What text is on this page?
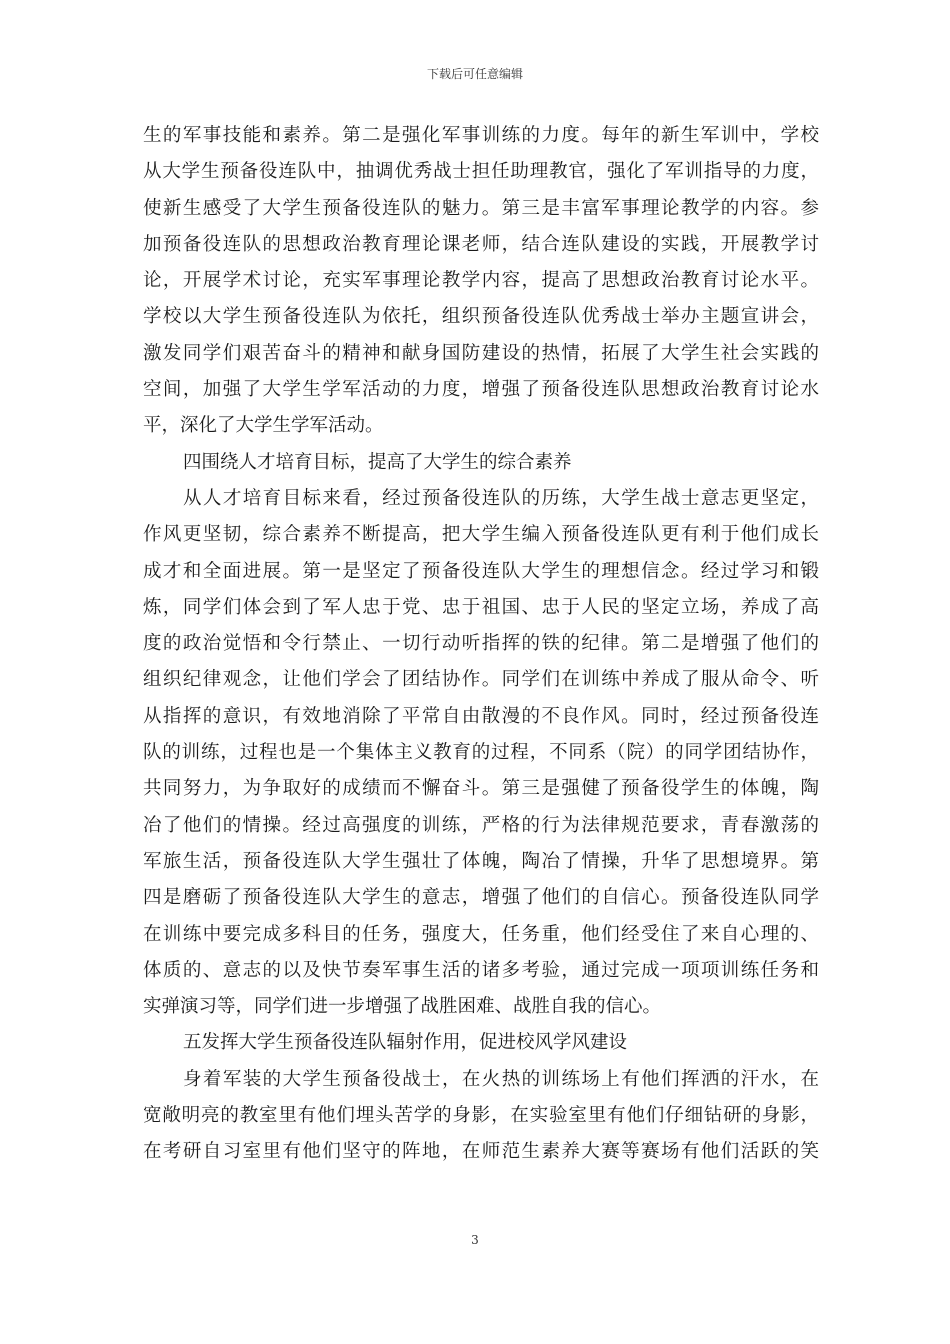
下载后可任意编辑
生的军事技能和素养。第二是强化军事训练的力度。每年的新生军训中，学校
从大学生预备役连队中，抽调优秀战士担任助理教官，强化了军训指导的力度，
使新生感受了大学生预备役连队的魅力。第三是丰富军事理论教学的内容。参
加预备役连队的思想政治教育理论课老师，结合连队建设的实践，开展教学讨
论，开展学术讨论，充实军事理论教学内容，提高了思想政治教育讨论水平。
学校以大学生预备役连队为依托，组织预备役连队优秀战士举办主题宣讲会，
激发同学们艰苦奋斗的精神和献身国防建设的热情，拓展了大学生社会实践的
空间，加强了大学生学军活动的力度，增强了预备役连队思想政治教育讨论水
平，深化了大学生学军活动。
四围绕人才培育目标，提高了大学生的综合素养
从人才培育目标来看，经过预备役连队的历练，大学生战士意志更坚定，
作风更坚韧，综合素养不断提高，把大学生编入预备役连队更有利于他们成长
成才和全面进展。第一是坚定了预备役连队大学生的理想信念。经过学习和锻
炼，同学们体会到了军人忠于党、忠于祖国、忠于人民的坚定立场，养成了高
度的政治觉悟和令行禁止、一切行动听指挥的铁的纪律。第二是增强了他们的
组织纪律观念，让他们学会了团结协作。同学们在训练中养成了服从命令、听
从指挥的意识，有效地消除了平常自由散漫的不良作风。同时，经过预备役连
队的训练，过程也是一个集体主义教育的过程，不同系（院）的同学团结协作，
共同努力，为争取好的成绩而不懈奋斗。第三是强健了预备役学生的体魄，陶
冶了他们的情操。经过高强度的训练，严格的行为法律规范要求，青春激荡的
军旅生活，预备役连队大学生强壮了体魄，陶冶了情操，升华了思想境界。第
四是磨砺了预备役连队大学生的意志，增强了他们的自信心。预备役连队同学
在训练中要完成多科目的任务，强度大，任务重，他们经受住了来自心理的、
体质的、意志的以及快节奏军事生活的诸多考验，通过完成一项项训练任务和
实弹演习等，同学们进一步增强了战胜困难、战胜自我的信心。
五发挥大学生预备役连队辐射作用，促进校风学风建设
身着军装的大学生预备役战士，在火热的训练场上有他们挥洒的汗水，在
宽敞明亮的教室里有他们埋头苦学的身影，在实验室里有他们仔细钻研的身影，
在考研自习室里有他们坚守的阵地，在师范生素养大赛等赛场有他们活跃的笑
3
